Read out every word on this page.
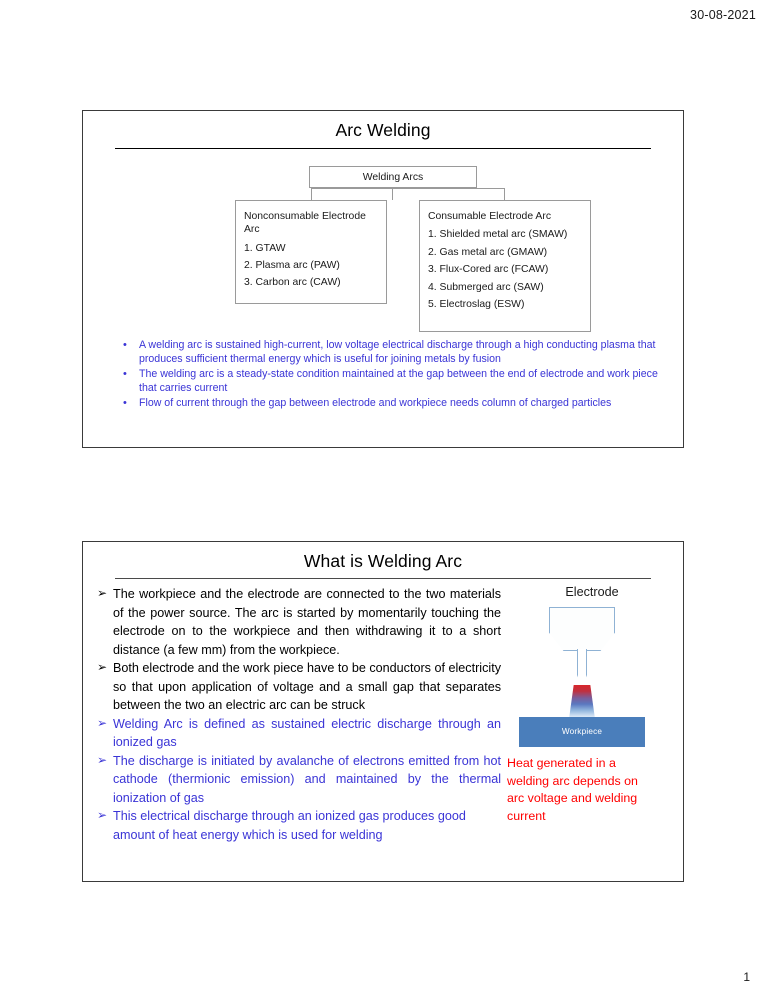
30-08-2021
Arc Welding
Welding Arcs
Nonconsumable Electrode Arc
1. GTAW
2. Plasma arc (PAW)
3. Carbon arc (CAW)
Consumable Electrode Arc
1. Shielded metal arc (SMAW)
2. Gas metal arc (GMAW)
3. Flux-Cored arc (FCAW)
4. Submerged arc (SAW)
5. Electroslag (ESW)
• A welding arc is sustained high-current, low voltage electrical discharge through a high conducting plasma that produces sufficient thermal energy which is useful for joining metals by fusion
• The welding arc is a steady-state condition maintained at the gap between the end of electrode and work piece that carries current
• Flow of current through the gap between electrode and workpiece needs column of charged particles
What is Welding Arc
➢ The workpiece and the electrode are connected to the two materials of the power source. The arc is started by momentarily touching the electrode on to the workpiece and then withdrawing it to a short distance (a few mm) from the workpiece.
➢ Both electrode and the work piece have to be conductors of electricity so that upon application of voltage and a small gap that separates between the two an electric arc can be struck
➢ Welding Arc is defined as sustained electric discharge through an ionized gas
➢ The discharge is initiated by avalanche of electrons emitted from hot cathode (thermionic emission) and maintained by the thermal ionization of gas
➢ This electrical discharge through an ionized gas produces good amount of heat energy which is used for welding
Electrode
Workpiece
Heat generated in a welding arc depends on arc voltage and welding current
1
